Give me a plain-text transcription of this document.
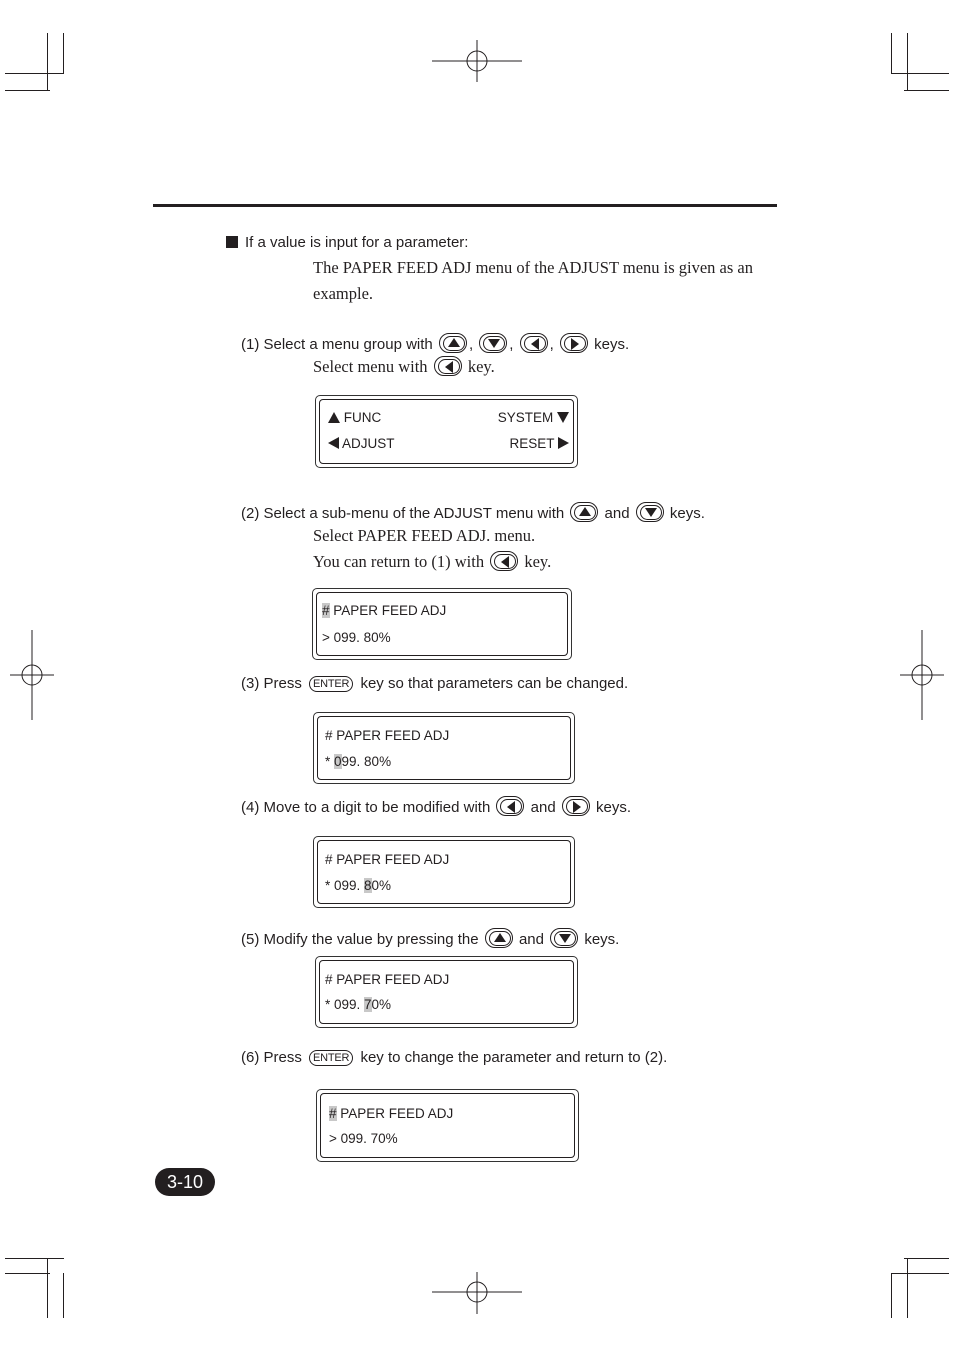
If a value is input for a parameter:
The PAPER FEED ADJ menu of the ADJUST menu is given as an
example.
(1) Select a menu group with , , ,	keys.
Select menu with key.
FUNC	SYSTEM
ADJUST	RESET
(2) Select a sub-menu of the ADJUST menu with	and	keys.
Select PAPER FEED ADJ. menu.
You can return to (1) with key.
# PAPER FEED ADJ
> 099. 80%
(3) Press ENTER key so that parameters can be changed.
# PAPER FEED ADJ
* 099. 80%
(4) Move to a digit to be modified with	and	keys.
# PAPER FEED ADJ
* 099. 80%
(5) Modify the value by pressing the	and	keys.
# PAPER FEED ADJ
* 099. 70%
(6) Press ENTER key to change the parameter and return to (2).
# PAPER FEED ADJ
> 099. 70%
3-10
